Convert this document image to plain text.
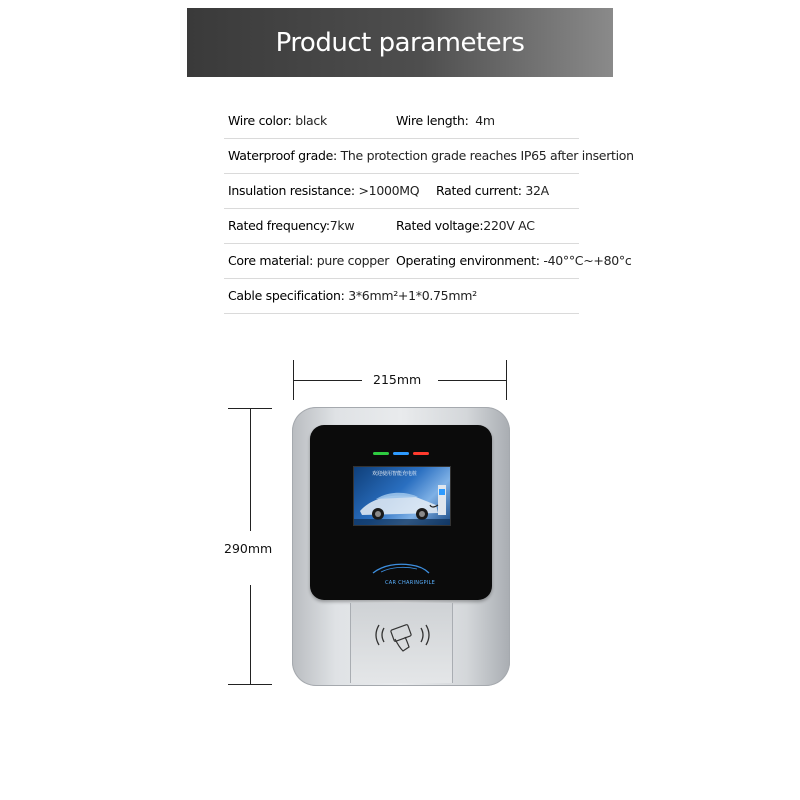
Product parameters
Wire color: black	Wire length: 4m
Waterproof grade: The protection grade reaches IP65 after insertion
Insulation resistance: >1000MQ Rated current: 32A
Rated frequency:7kw	Rated voltage:220V AC
Core material: pure copper Operating environment: -40°°C~+80°c
Cable specification: 3*6mm²+1*0.75mm²
215mm
290mm
欢迎使用智能充电桩
CAR CHARINGPILE
